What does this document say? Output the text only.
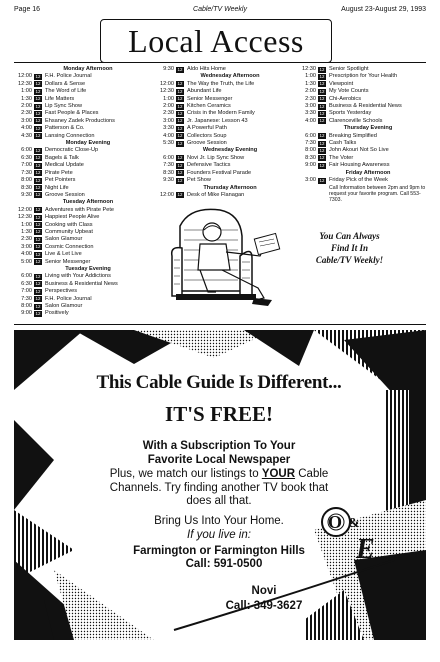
Page 16	Cable/TV Weekly	August 23-August 29, 1993
Local Access
Monday Afternoon
12:00 12 F.H. Police Journal
12:30 12 Dollars & Sense
1:00 12 The Word of Life
1:30 12 Life Matters
2:00 12 Lip Sync Show
2:30 12 Fast People & Places
3:00 12 Ehsaney Zadek Productions
4:00 12 Patterson & Co.
4:30 12 Lansing Connection
Monday Evening
6:00 12 Democratic Close-Up
6:30 12 Bagels & Talk
7:00 12 Medical Update
7:30 12 Pirate Pete
8:00 12 Pet Pointers
8:30 12 Night Life
9:30 12 Groove Session
Tuesday Afternoon
12:00 12 Adventures with Pirate Pete
12:30 12 Happiest People Alive
1:00 12 Cooking with Class
1:30 12 Community Upbeat
2:30 12 Salon Glamour
3:00 12 Cosmic Connection
4:00 12 Live & Let Live
5:00 12 Senior Messenger
Tuesday Evening
6:00 12 Living with Your Addictions
6:30 12 Business & Residential News
7:00 12 Perspectives
7:30 12 F.H. Police Journal
8:00 12 Salon Glamour
9:00 12 Positively
9:30 12 Aldo Hits Home
Wednesday Afternoon
12:00 12 The Way the Truth, the Life
12:30 12 Abundant Life
1:00 12 Senior Messenger
2:00 12 Kitchen Ceramics
2:30 12 Crisis in the Modern Family
3:00 12 Jr. Japanese: Lesson 43
3:30 12 A Powerful Path
4:00 12 Collectors Soup
5:30 12 Groove Session
Wednesday Evening
6:00 12 Novi Jr. Lip Sync Show
7:30 12 Defensive Tactics
8:30 12 Founders Festival Parade
9:30 12 Pet Show
Thursday Afternoon
12:00 12 Desk of Mike Flanagan
12:30 12 Senior Spotlight
1:00 12 Prescription for Your Health
1:30 12 Viewpoint
2:00 12 My Vote Counts
2:30 12 Chi-Aerobics
3:00 12 Business & Residential News
3:30 12 Sports Yesterday
4:00 12 Clarenceville Schools
Thursday Evening
6:00 12 Breaking Simplified
7:30 12 Cash Talks
8:00 12 John Akouri Not So Live
8:30 12 The Voter
9:00 12 Fair Housing Awareness
Friday Afternoon
3:00 12 Friday Pick of the Week
Call Information between 2pm and 9pm to request your favorite program. Call 553-7303.
You Can Always
Find It In
Cable/TV Weekly!
This Cable Guide Is Different...
IT'S FREE!
With a Subscription To Your
Favorite Local Newspaper
Plus, we match our listings to YOUR Cable
Channels. Try finding another TV book that
does all that.
Bring Us Into Your Home.
If you live in:
Farmington or Farmington Hills
Call: 591-0500
Novi
Call: 349-3627
O &
E
